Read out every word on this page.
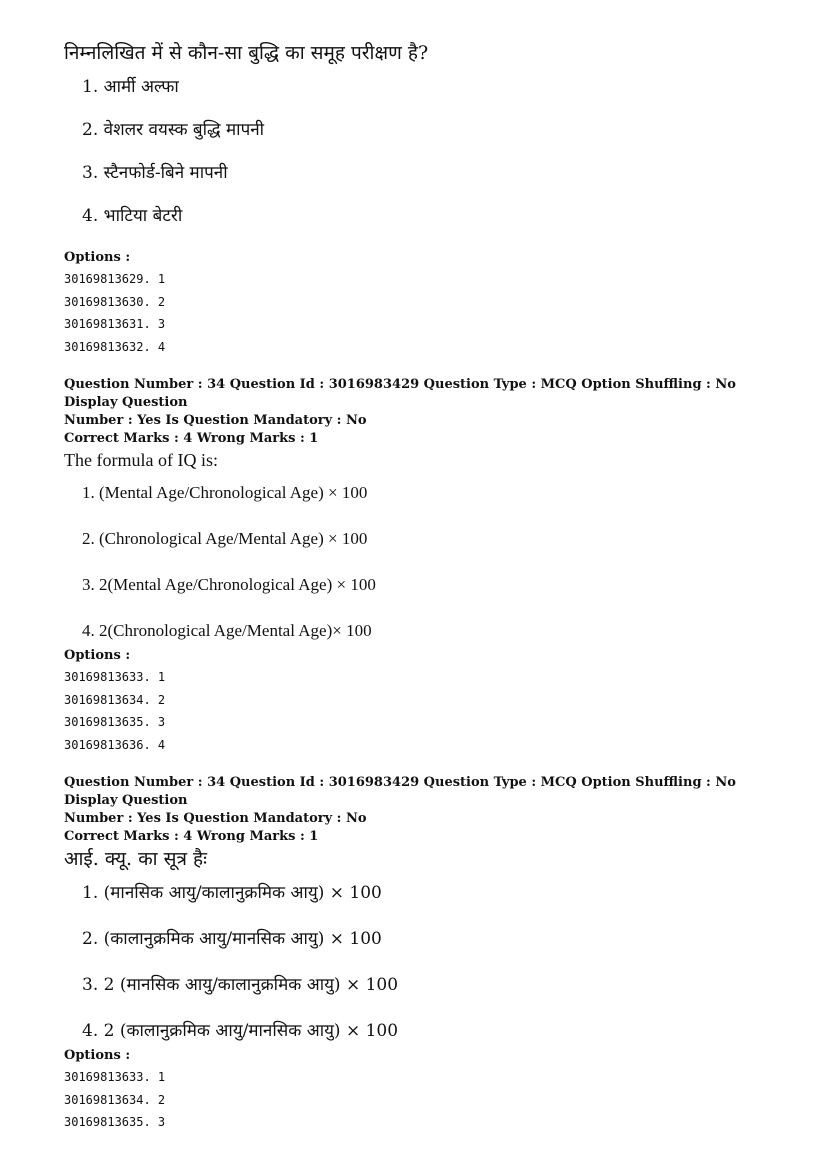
निम्नलिखित में से कौन-सा बुद्धि का समूह परीक्षण है?

1. आर्मी अल्फा
2. वेशलर वयस्क बुद्धि मापनी
3. स्टैनफोर्ड-बिने मापनी
4. भाटिया बेटरी

Options :

30169813629. 1
30169813630. 2
30169813631. 3
30169813632. 4

Question Number : 34 Question Id : 3016983429 Question Type : MCQ Option Shuffling : No Display Question

Number : Yes Is Question Mandatory : No

Correct Marks : 4 Wrong Marks : 1

The formula of IQ is:

1. (Mental Age/Chronological Age) × 100
2. (Chronological Age/Mental Age) × 100
3. 2(Mental Age/Chronological Age) × 100
4. 2(Chronological Age/Mental Age)× 100

Options :

30169813633. 1
30169813634. 2
30169813635. 3
30169813636. 4

Question Number : 34 Question Id : 3016983429 Question Type : MCQ Option Shuffling : No Display Question

Number : Yes Is Question Mandatory : No

Correct Marks : 4 Wrong Marks : 1

आई. क्यू. का सूत्र हैः

1. (मानसिक आयु/कालानुक्रमिक आयु) × 100
2. (कालानुक्रमिक आयु/मानसिक आयु) × 100
3. 2 (मानसिक आयु/कालानुक्रमिक आयु) × 100
4. 2 (कालानुक्रमिक आयु/मानसिक आयु) × 100

Options :

30169813633. 1
30169813634. 2
30169813635. 3
